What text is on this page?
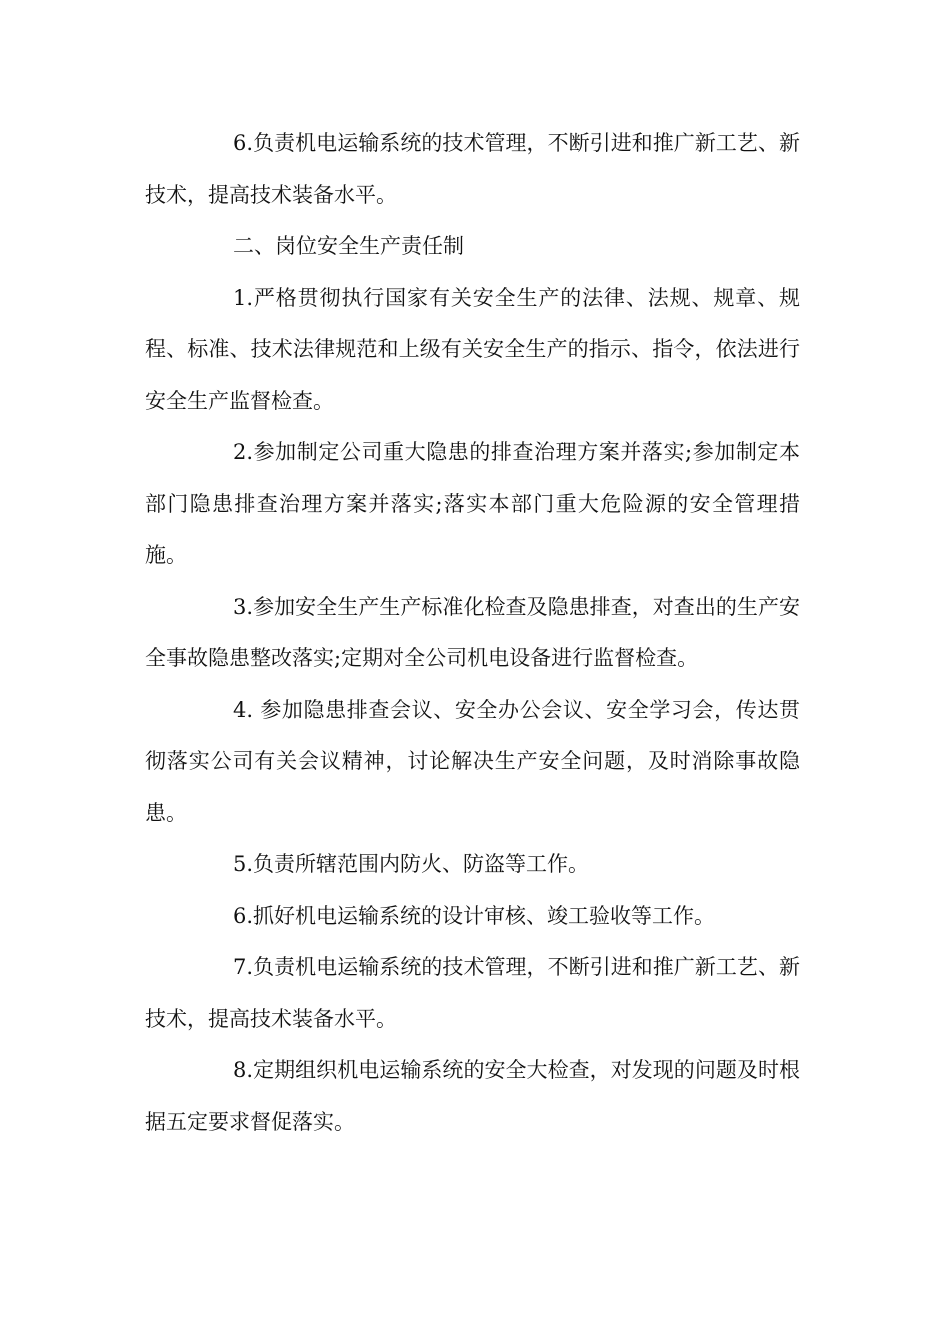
6.负责机电运输系统的技术管理，不断引进和推广新工艺、新技术，提高技术装备水平。

二、岗位安全生产责任制

1.严格贯彻执行国家有关安全生产的法律、法规、规章、规程、标准、技术法律规范和上级有关安全生产的指示、指令，依法进行安全生产监督检查。

2.参加制定公司重大隐患的排查治理方案并落实;参加制定本部门隐患排查治理方案并落实;落实本部门重大危险源的安全管理措施。

3.参加安全生产生产标准化检查及隐患排查，对查出的生产安全事故隐患整改落实;定期对全公司机电设备进行监督检查。

4. 参加隐患排查会议、安全办公会议、安全学习会，传达贯彻落实公司有关会议精神，讨论解决生产安全问题，及时消除事故隐患。

5.负责所辖范围内防火、防盗等工作。

6.抓好机电运输系统的设计审核、竣工验收等工作。

7.负责机电运输系统的技术管理，不断引进和推广新工艺、新技术，提高技术装备水平。

8.定期组织机电运输系统的安全大检查，对发现的问题及时根据五定要求督促落实。
